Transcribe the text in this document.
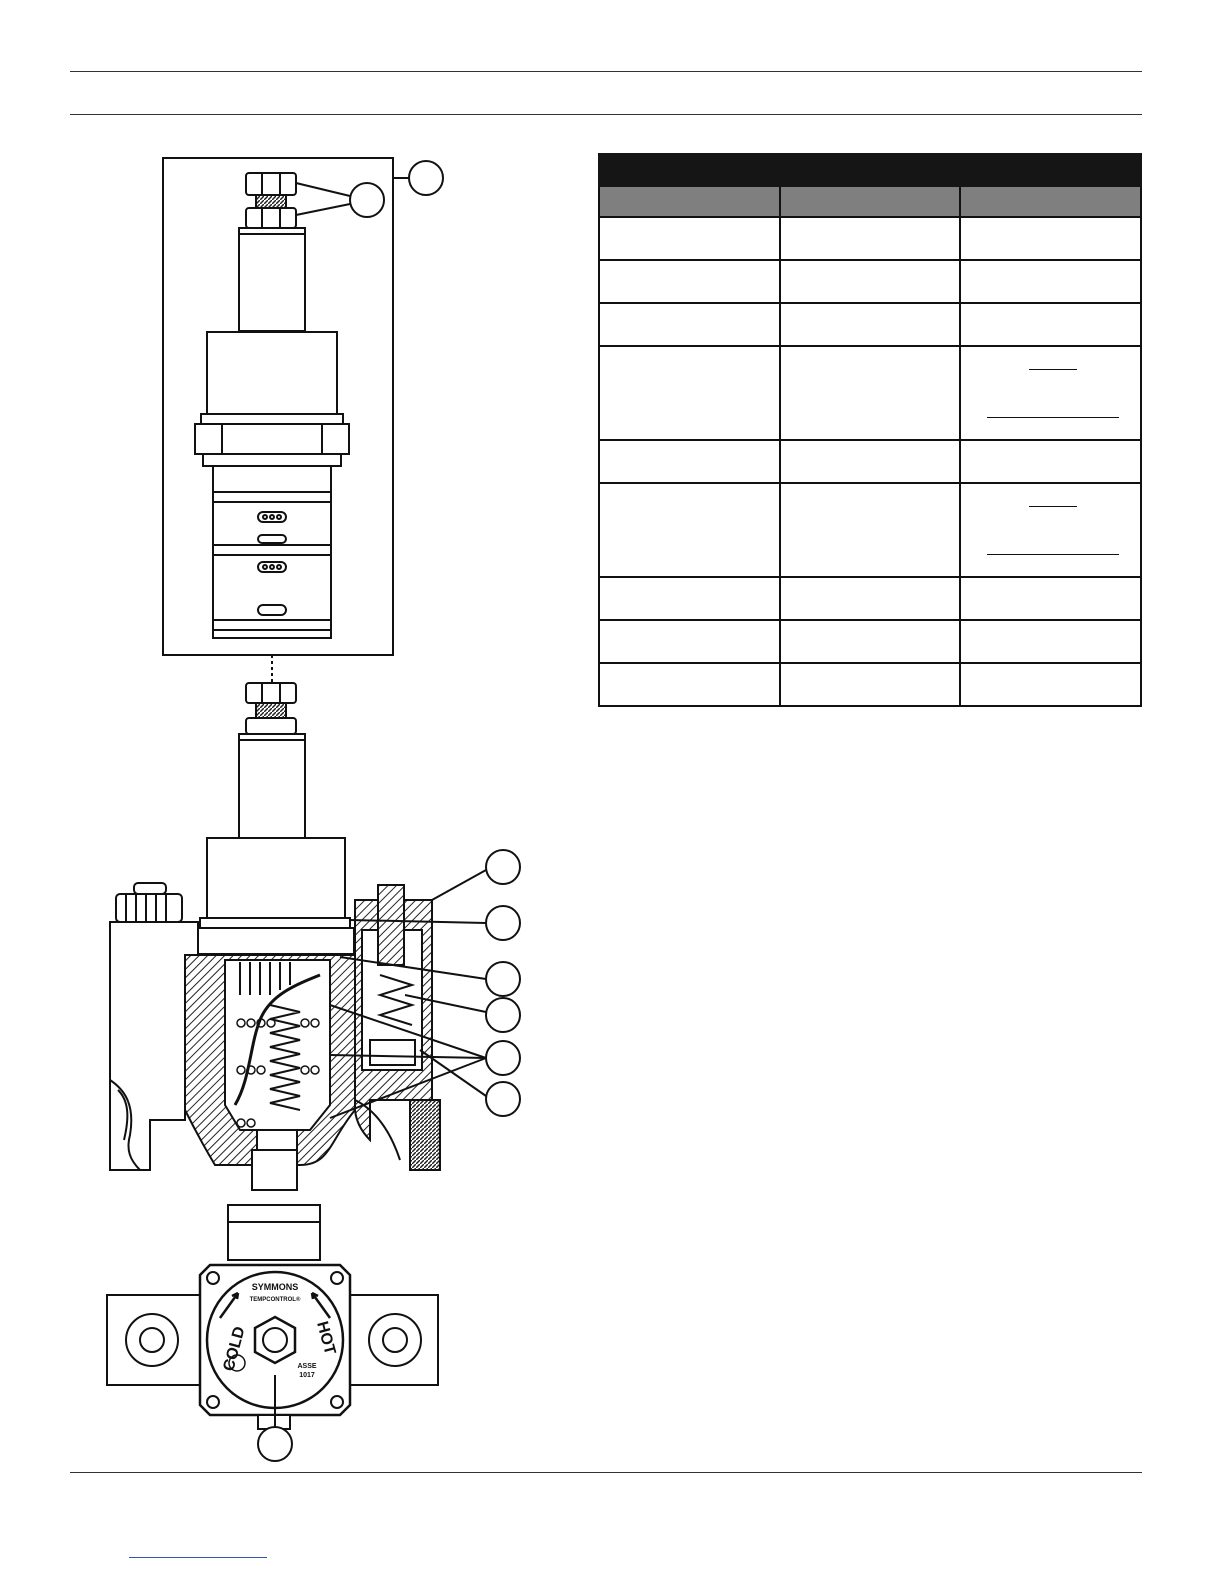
SYMMONS
TEMPCONTROL®
COLD	HOT
ASSE
1017
